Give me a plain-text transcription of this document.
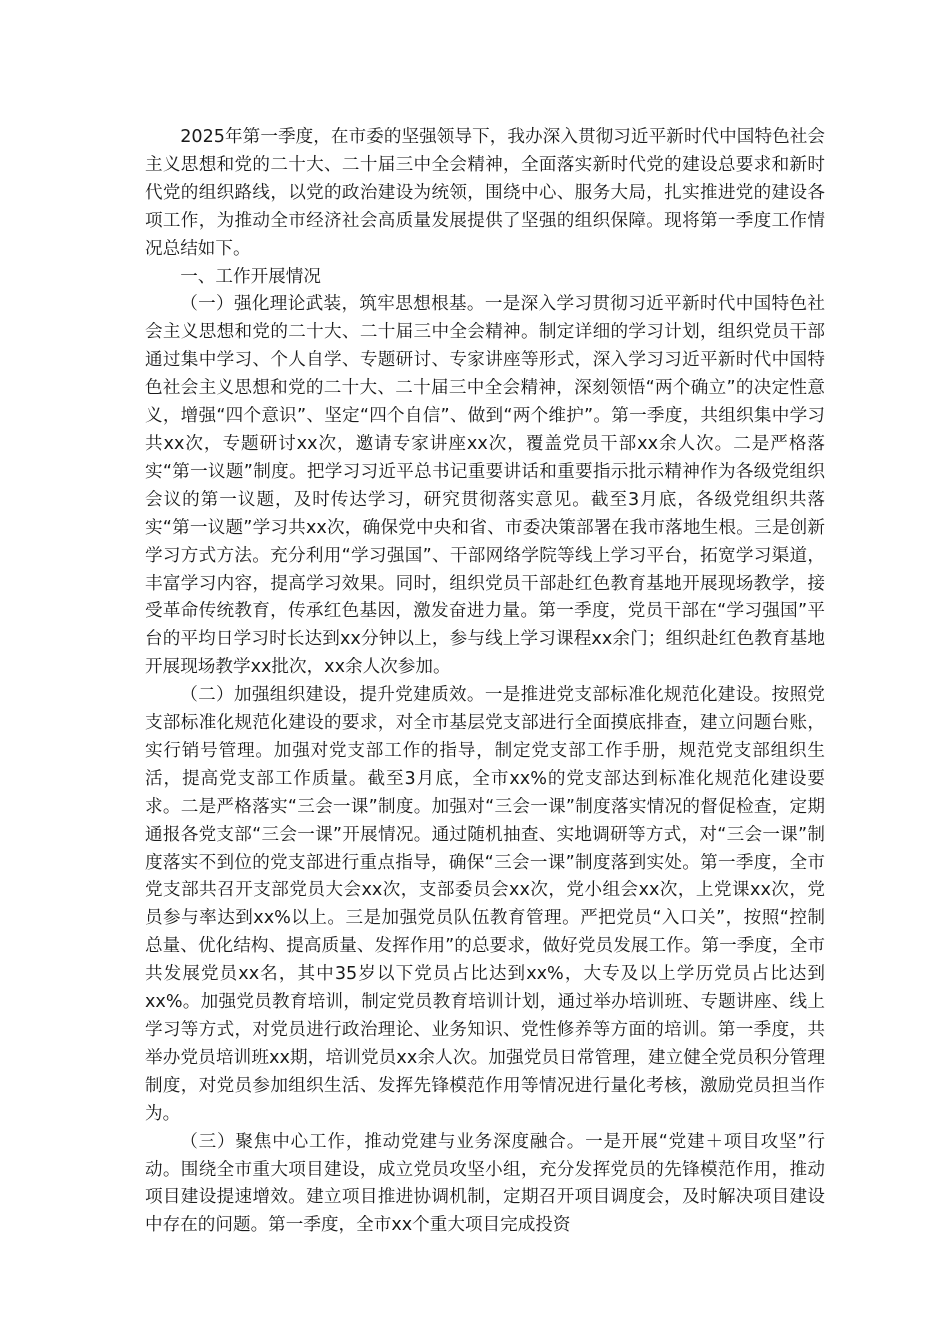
2025年第一季度，在市委的坚强领导下，我办深入贯彻习近平新时代中国特色社会主义思想和党的二十大、二十届三中全会精神，全面落实新时代党的建设总要求和新时代党的组织路线，以党的政治建设为统领，围绕中心、服务大局，扎实推进党的建设各项工作，为推动全市经济社会高质量发展提供了坚强的组织保障。现将第一季度工作情况总结如下。

一、工作开展情况

（一）强化理论武装，筑牢思想根基。一是深入学习贯彻习近平新时代中国特色社会主义思想和党的二十大、二十届三中全会精神。制定详细的学习计划，组织党员干部通过集中学习、个人自学、专题研讨、专家讲座等形式，深入学习习近平新时代中国特色社会主义思想和党的二十大、二十届三中全会精神，深刻领悟“两个确立”的决定性意义，增强“四个意识”、坚定“四个自信”、做到“两个维护”。第一季度，共组织集中学习共xx次，专题研讨xx次，邀请专家讲座xx次，覆盖党员干部xx余人次。二是严格落实“第一议题”制度。把学习习近平总书记重要讲话和重要指示批示精神作为各级党组织会议的第一议题，及时传达学习，研究贯彻落实意见。截至3月底，各级党组织共落实“第一议题”学习共xx次，确保党中央和省、市委决策部署在我市落地生根。三是创新学习方式方法。充分利用“学习强国”、干部网络学院等线上学习平台，拓宽学习渠道，丰富学习内容，提高学习效果。同时，组织党员干部赴红色教育基地开展现场教学，接受革命传统教育，传承红色基因，激发奋进力量。第一季度，党员干部在“学习强国”平台的平均日学习时长达到xx分钟以上，参与线上学习课程xx余门；组织赴红色教育基地开展现场教学xx批次，xx余人次参加。

（二）加强组织建设，提升党建质效。一是推进党支部标准化规范化建设。按照党支部标准化规范化建设的要求，对全市基层党支部进行全面摸底排查，建立问题台账，实行销号管理。加强对党支部工作的指导，制定党支部工作手册，规范党支部组织生活，提高党支部工作质量。截至3月底，全市xx%的党支部达到标准化规范化建设要求。二是严格落实“三会一课”制度。加强对“三会一课”制度落实情况的督促检查，定期通报各党支部“三会一课”开展情况。通过随机抽查、实地调研等方式，对“三会一课”制度落实不到位的党支部进行重点指导，确保“三会一课”制度落到实处。第一季度，全市党支部共召开支部党员大会xx次，支部委员会xx次，党小组会xx次，上党课xx次，党员参与率达到xx%以上。三是加强党员队伍教育管理。严把党员“入口关”，按照“控制总量、优化结构、提高质量、发挥作用”的总要求，做好党员发展工作。第一季度，全市共发展党员xx名，其中35岁以下党员占比达到xx%，大专及以上学历党员占比达到xx%。加强党员教育培训，制定党员教育培训计划，通过举办培训班、专题讲座、线上学习等方式，对党员进行政治理论、业务知识、党性修养等方面的培训。第一季度，共举办党员培训班xx期，培训党员xx余人次。加强党员日常管理，建立健全党员积分管理制度，对党员参加组织生活、发挥先锋模范作用等情况进行量化考核，激励党员担当作为。

（三）聚焦中心工作，推动党建与业务深度融合。一是开展“党建＋项目攻坚”行动。围绕全市重大项目建设，成立党员攻坚小组，充分发挥党员的先锋模范作用，推动项目建设提速增效。建立项目推进协调机制，定期召开项目调度会，及时解决项目建设中存在的问题。第一季度，全市xx个重大项目完成投资
